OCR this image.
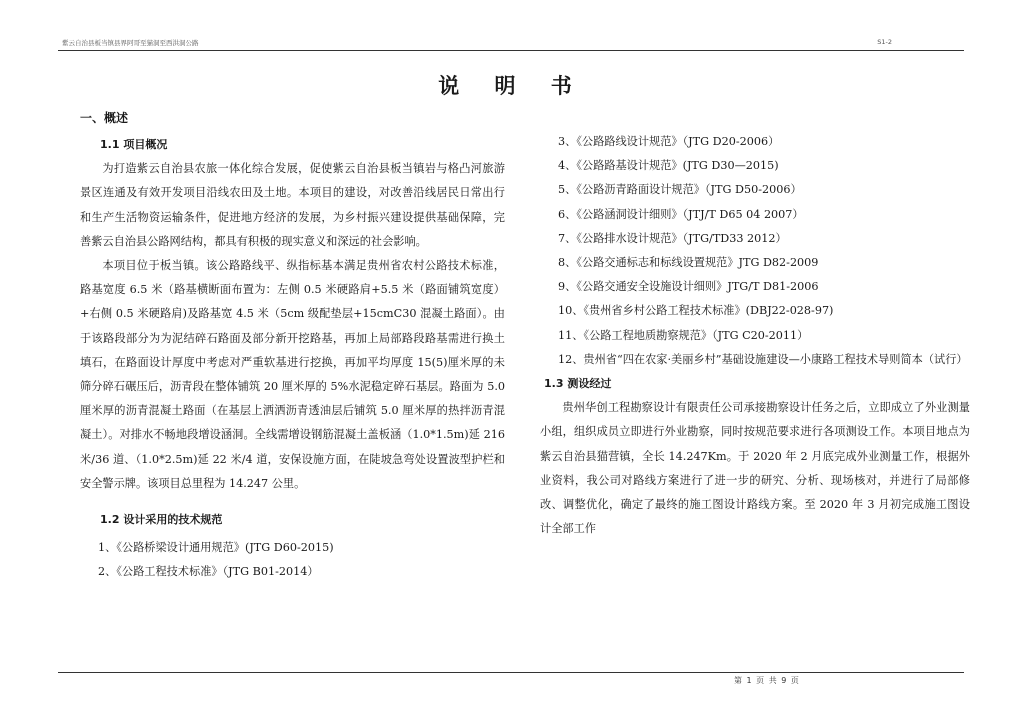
紫云自治县板当镇县界阿哥至猫洞至西洪洞公路	S1-2
说 明 书
一、概述
1.1 项目概况

为打造紫云自治县农旅一体化综合发展，促使紫云自治县板当镇岩与格凸河旅游景区连通及有效开发项目沿线农田及土地。本项目的建设，对改善沿线居民日常出行和生产生活物资运输条件，促进地方经济的发展，为乡村振兴建设提供基础保障，完善紫云自治县公路网结构，都具有积极的现实意义和深远的社会影响。

本项目位于板当镇。该公路路线平、纵指标基本满足贵州省农村公路技术标准，路基宽度 6.5 米（路基横断面布置为：左侧 0.5 米硬路肩+5.5 米（路面铺筑宽度）+右侧 0.5 米硬路肩)及路基宽 4.5 米（5cm 级配垫层+15cmC30 混凝土路面）。由于该路段部分为为泥结碎石路面及部分新开挖路基，再加上局部路段路基需进行换土填石，在路面设计厚度中考虑对严重软基进行挖换，再加平均厚度 15(5)厘米厚的未筛分碎石碾压后，沥青段在整体铺筑 20 厘米厚的 5%水泥稳定碎石基层。路面为 5.0 厘米厚的沥青混凝土路面（在基层上洒洒沥青透油层后铺筑 5.0 厘米厚的热拌沥青混凝土）。对排水不畅地段增设涵洞。全线需增设钢筋混凝土盖板涵（1.0*1.5m)延 216 米/36 道、（1.0*2.5m)延 22 米/4 道，安保设施方面，在陡坡急弯处设置波型护栏和安全警示牌。该项目总里程为 14.247 公里。

1.2 设计采用的技术规范

1、《公路桥梁设计通用规范》(JTG D60-2015)

2、《公路工程技术标准》（JTG B01-2014）

3、《公路路线设计规范》（JTG D20-2006）

4、《公路路基设计规范》(JTG D30—2015)

5、《公路沥青路面设计规范》（JTG D50-2006）

6、《公路涵洞设计细则》（JTJ/T D65 04 2007）

7、《公路排水设计规范》（JTG/TD33 2012）

8、《公路交通标志和标线设置规范》JTG D82-2009

9、《公路交通安全设施设计细则》JTG/T D81-2006

10、《贵州省乡村公路工程技术标准》(DBJ22-028-97)

11、《公路工程地质勘察规范》（JTG C20-2011）

12、贵州省“四在农家·美丽乡村”基础设施建设—小康路工程技术导则简本（试行）

1.3 测设经过

贵州华创工程勘察设计有限责任公司承接勘察设计任务之后，立即成立了外业测量小组，组织成员立即进行外业勘察，同时按规范要求进行各项测设工作。本项目地点为紫云自治县猫营镇，全长 14.247Km。于 2020 年 2 月底完成外业测量工作，根据外业资料，我公司对路线方案进行了进一步的研究、分析、现场核对，并进行了局部修改、调整优化，确定了最终的施工图设计路线方案。至 2020 年 3 月初完成施工图设计全部工作

第 1 页 共 9 页
